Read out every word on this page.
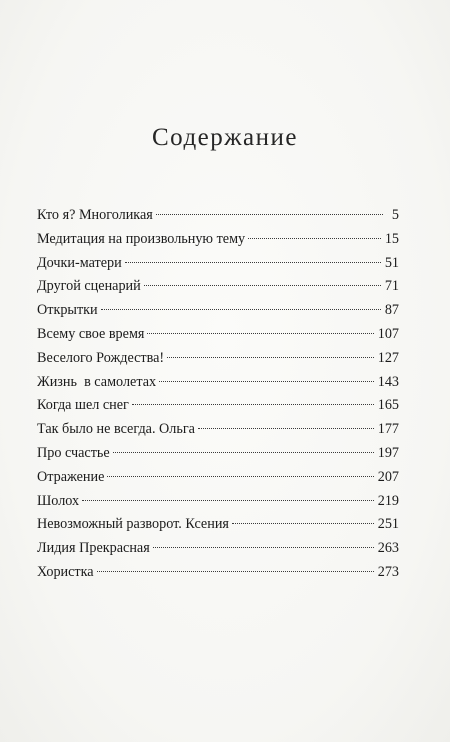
Содержание
Кто я? Многоликая	5
Медитация на произвольную тему	15
Дочки-матери	51
Другой сценарий	71
Открытки	87
Всему свое время	107
Веселого Рождества!	127
Жизнь  в самолетах	143
Когда шел снег	165
Так было не всегда. Ольга	177
Про счастье	197
Отражение	207
Шолох	219
Невозможный разворот. Ксения	251
Лидия Прекрасная	263
Хористка	273
